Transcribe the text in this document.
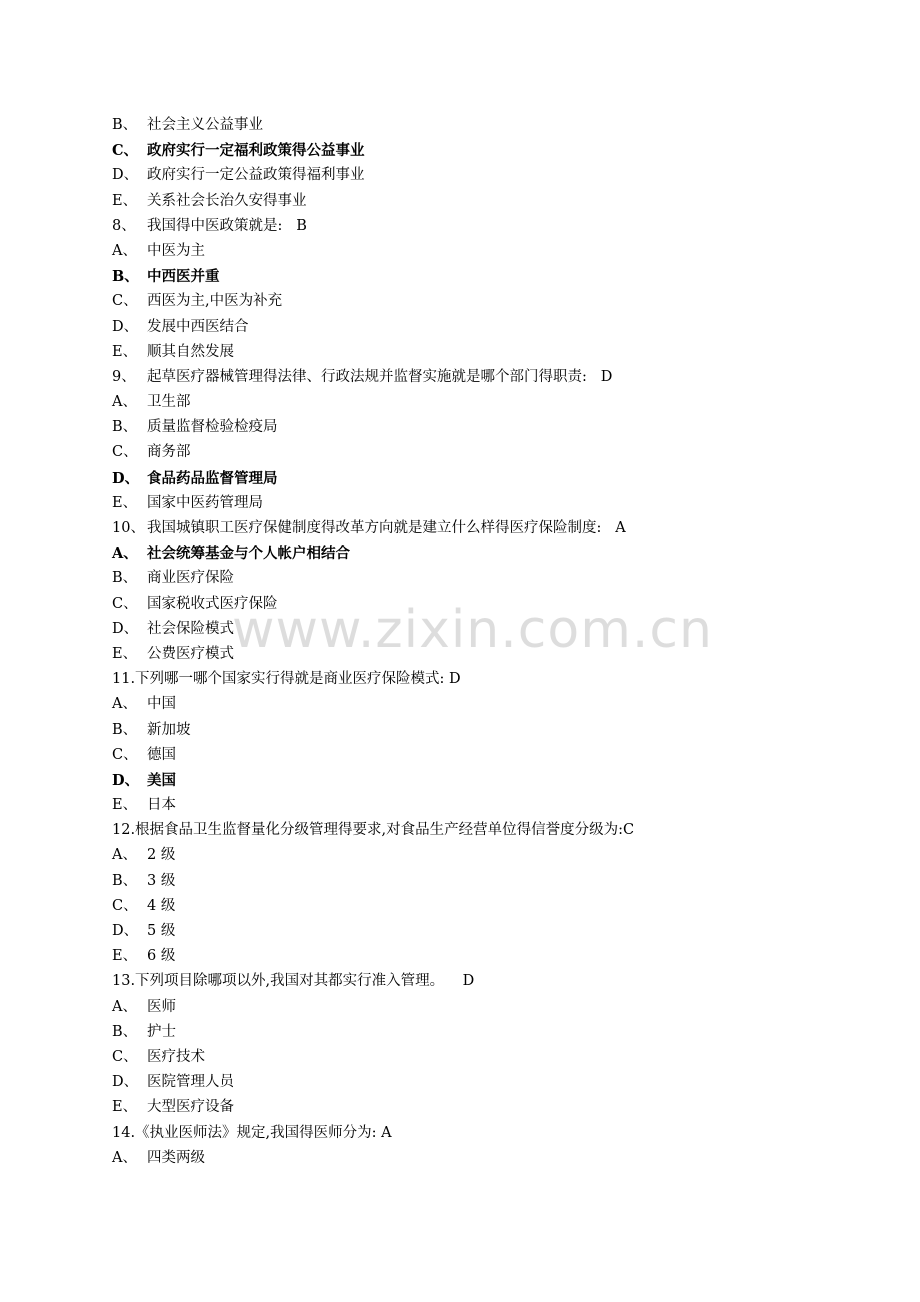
B、 社会主义公益事业
C、 政府实行一定福利政策得公益事业
D、 政府实行一定公益政策得福利事业
E、 关系社会长治久安得事业
8、 我国得中医政策就是:   B
A、 中医为主
B、 中西医并重
C、 西医为主,中医为补充
D、 发展中西医结合
E、 顺其自然发展
9、 起草医疗器械管理得法律、行政法规并监督实施就是哪个部门得职责:   D
A、 卫生部
B、 质量监督检验检疫局
C、 商务部
D、 食品药品监督管理局
E、 国家中医药管理局
10、 我国城镇职工医疗保健制度得改革方向就是建立什么样得医疗保险制度:   A
A、 社会统筹基金与个人帐户相结合
B、 商业医疗保险
C、 国家税收式医疗保险
D、 社会保险模式
E、 公费医疗模式
11.下列哪一哪个国家实行得就是商业医疗保险模式: D
A、 中国
B、 新加坡
C、 德国
D、 美国
E、 日本
12.根据食品卫生监督量化分级管理得要求,对食品生产经营单位得信誉度分级为:C
A、 2 级
B、 3 级
C、 4 级
D、 5 级
E、 6 级
13.下列项目除哪项以外,我国对其都实行准入管理。    D
A、 医师
B、 护士
C、 医疗技术
D、 医院管理人员
E、 大型医疗设备
14.《执业医师法》规定,我国得医师分为: A
A、 四类两级
www.zixin.com.cn
